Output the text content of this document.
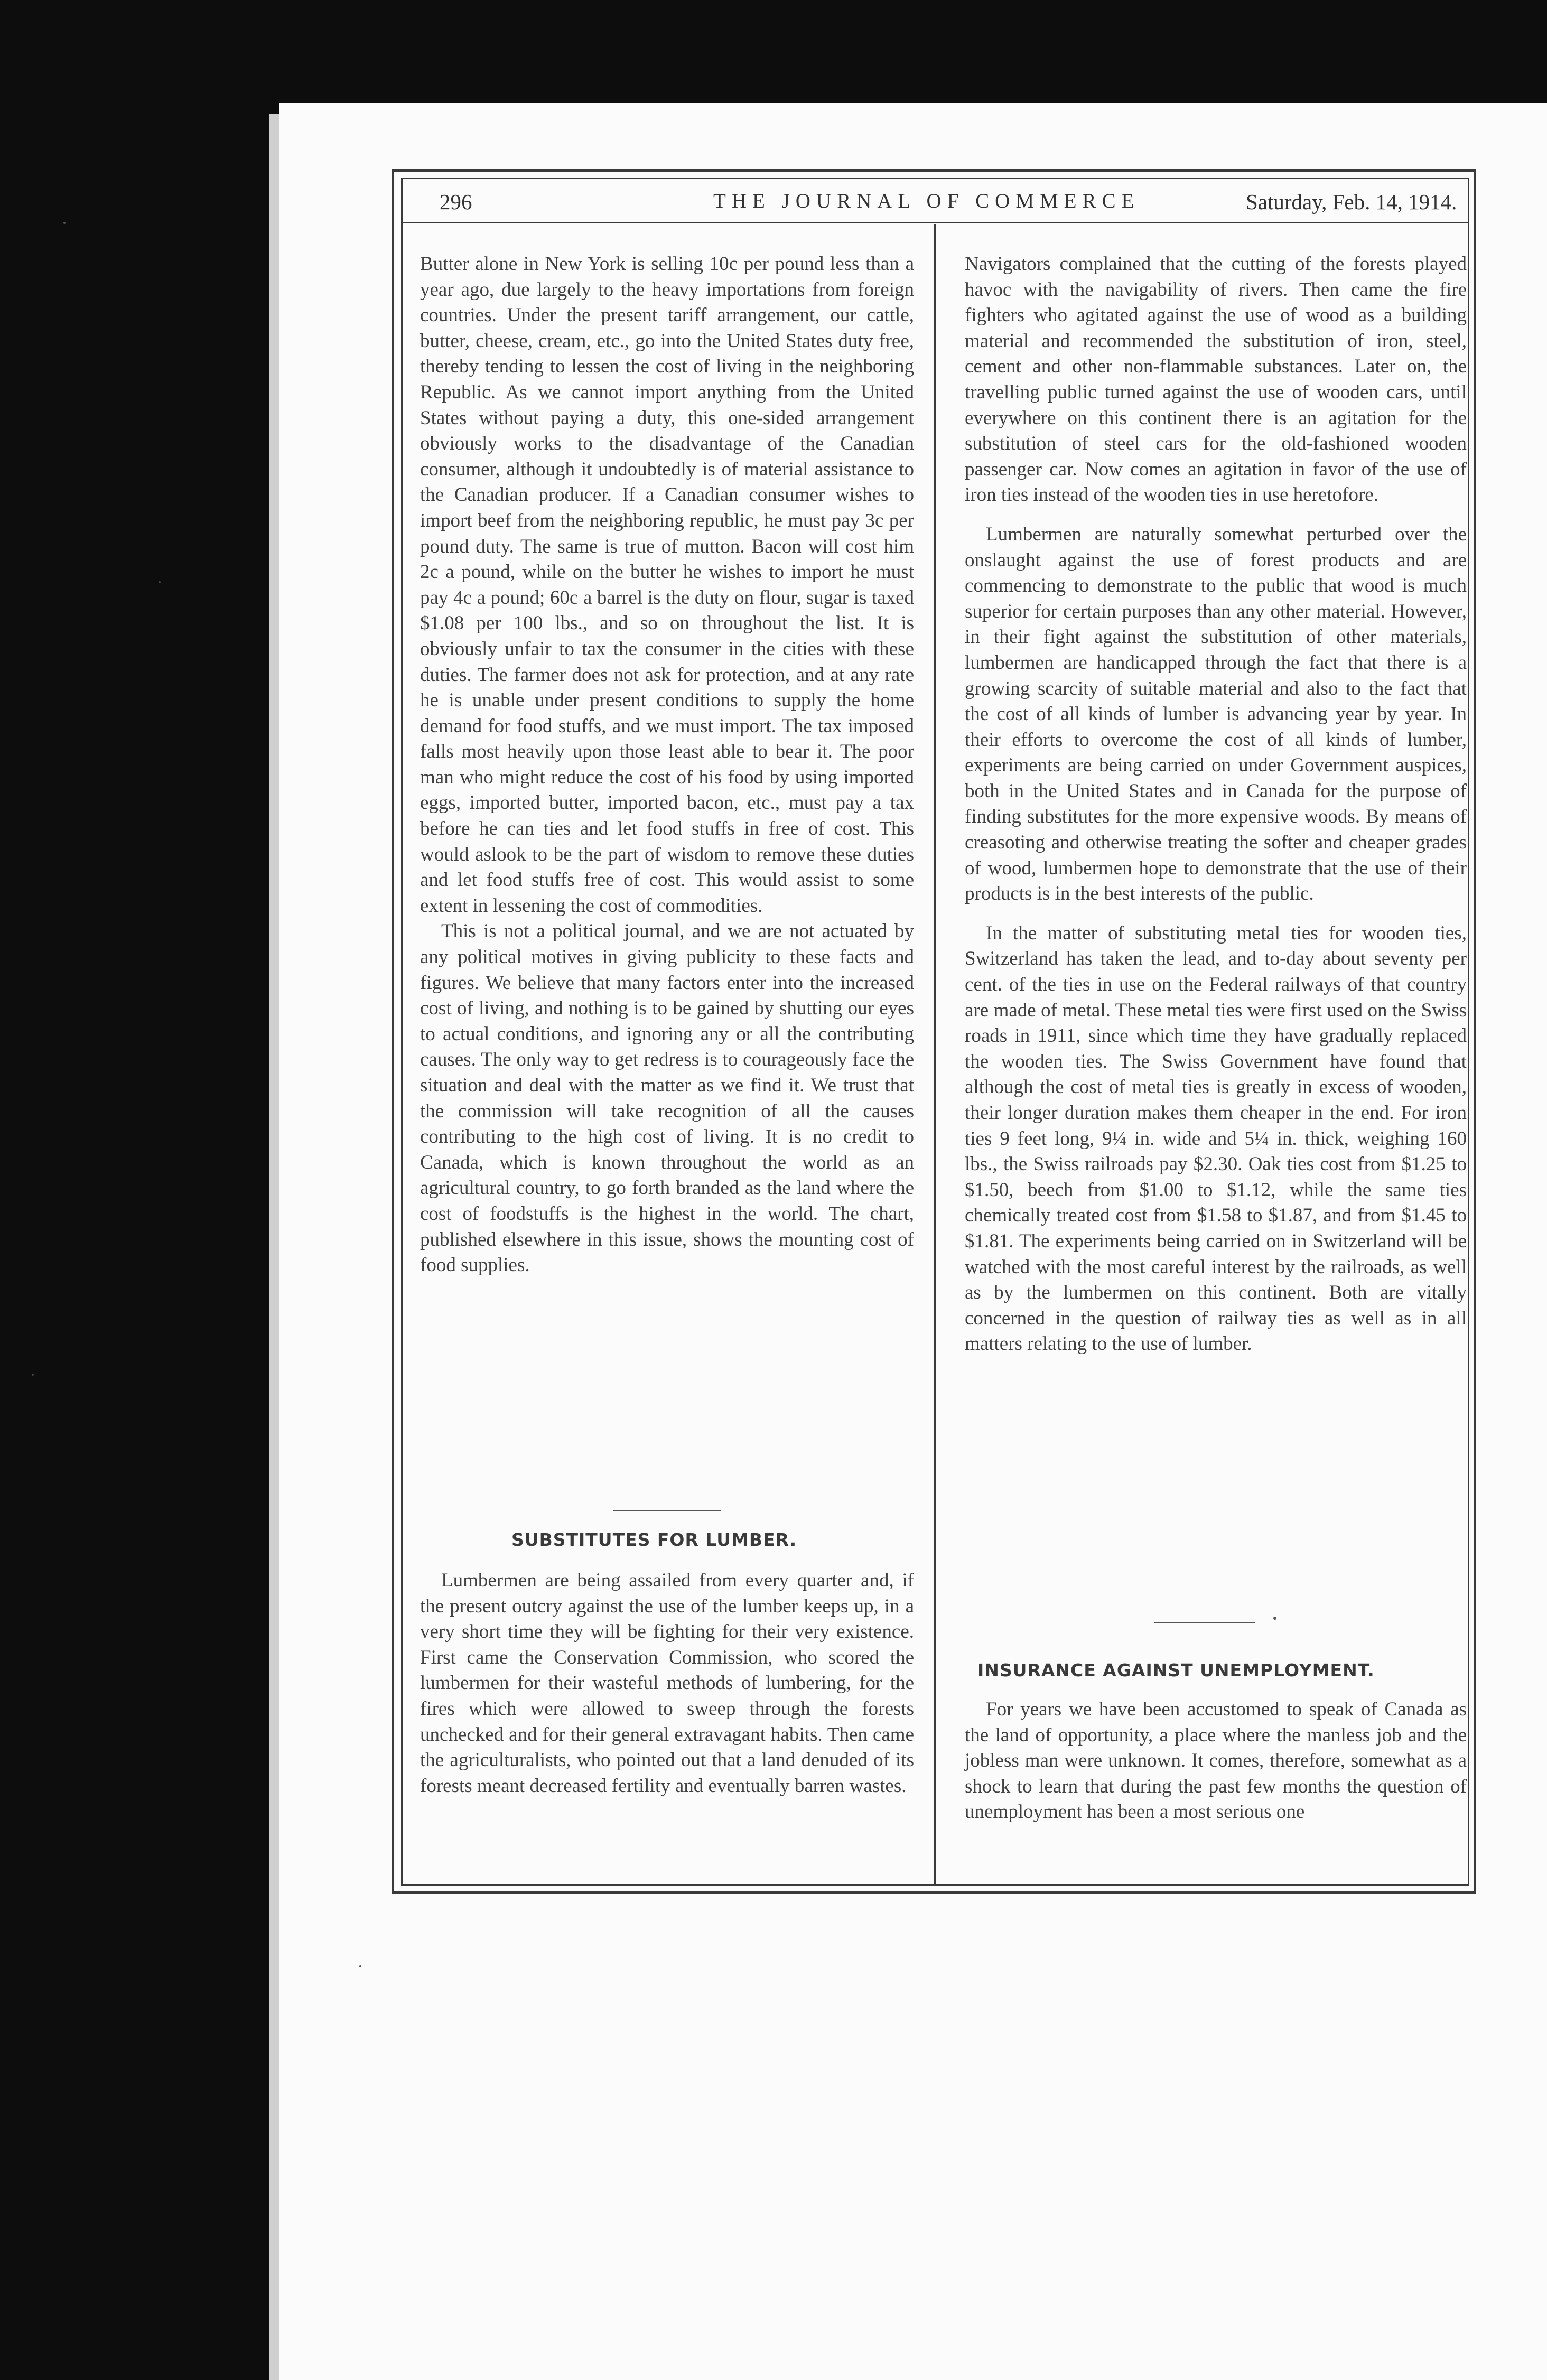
296	THE JOURNAL OF COMMERCE	Saturday, Feb. 14, 1914.

Butter alone in New York is selling 10c per pound less than a year ago, due largely to the heavy importations from foreign countries. Under the present tariff arrangement, our cattle, butter, cheese, cream, etc., go into the United States duty free, thereby tending to lessen the cost of living in the neighboring Republic. As we cannot import anything from the United States without paying a duty, this one-sided arrangement obviously works to the disadvantage of the Canadian consumer, although it undoubtedly is of material assistance to the Canadian producer. If a Canadian consumer wishes to import beef from the neighboring republic, he must pay 3c per pound duty. The same is true of mutton. Bacon will cost him 2c a pound, while on the butter he wishes to import he must pay 4c a pound; 60c a barrel is the duty on flour, sugar is taxed $1.08 per 100 lbs., and so on throughout the list. It is obviously unfair to tax the consumer in the cities with these duties. The farmer does not ask for protection, and at any rate he is unable under present conditions to supply the home demand for food stuffs, and we must import. The tax imposed falls most heavily upon those least able to bear it. The poor man who might reduce the cost of his food by using imported eggs, imported butter, imported bacon, etc., must pay a tax before he can ties and let food stuffs in free of cost. This would aslook to be the part of wisdom to remove these duties and let food stuffs free of cost. This would assist to some extent in lessening the cost of commodities.

This is not a political journal, and we are not actuated by any political motives in giving publicity to these facts and figures. We believe that many factors enter into the increased cost of living, and nothing is to be gained by shutting our eyes to actual conditions, and ignoring any or all the contributing causes. The only way to get redress is to courageously face the situation and deal with the matter as we find it. We trust that the commission will take recognition of all the causes contributing to the high cost of living. It is no credit to Canada, which is known throughout the world as an agricultural country, to go forth branded as the land where the cost of foodstuffs is the highest in the world. The chart, published elsewhere in this issue, shows the mounting cost of food supplies.

SUBSTITUTES FOR LUMBER.

Lumbermen are being assailed from every quarter and, if the present outcry against the use of the lumber keeps up, in a very short time they will be fighting for their very existence. First came the Conservation Commission, who scored the lumbermen for their wasteful methods of lumbering, for the fires which were allowed to sweep through the forests unchecked and for their general extravagant habits. Then came the agriculturalists, who pointed out that a land denuded of its forests meant decreased fertility and eventually barren wastes.

Navigators complained that the cutting of the forests played havoc with the navigability of rivers. Then came the fire fighters who agitated against the use of wood as a building material and recommended the substitution of iron, steel, cement and other non-flammable substances. Later on, the travelling public turned against the use of wooden cars, until everywhere on this continent there is an agitation for the substitution of steel cars for the old-fashioned wooden passenger car. Now comes an agitation in favor of the use of iron ties instead of the wooden ties in use heretofore.

Lumbermen are naturally somewhat perturbed over the onslaught against the use of forest products and are commencing to demonstrate to the public that wood is much superior for certain purposes than any other material. However, in their fight against the substitution of other materials, lumbermen are handicapped through the fact that there is a growing scarcity of suitable material and also to the fact that the cost of all kinds of lumber is advancing year by year. In their efforts to overcome the cost of all kinds of lumber, experiments are being carried on under Government auspices, both in the United States and in Canada for the purpose of finding substitutes for the more expensive woods. By means of creasoting and otherwise treating the softer and cheaper grades of wood, lumbermen hope to demonstrate that the use of their products is in the best interests of the public.

In the matter of substituting metal ties for wooden ties, Switzerland has taken the lead, and to-day about seventy per cent. of the ties in use on the Federal railways of that country are made of metal. These metal ties were first used on the Swiss roads in 1911, since which time they have gradually replaced the wooden ties. The Swiss Government have found that although the cost of metal ties is greatly in excess of wooden, their longer duration makes them cheaper in the end. For iron ties 9 feet long, 9¼ in. wide and 5¼ in. thick, weighing 160 lbs., the Swiss railroads pay $2.30. Oak ties cost from $1.25 to $1.50, beech from $1.00 to $1.12, while the same ties chemically treated cost from $1.58 to $1.87, and from $1.45 to $1.81. The experiments being carried on in Switzerland will be watched with the most careful interest by the railroads, as well as by the lumbermen on this continent. Both are vitally concerned in the question of railway ties as well as in all matters relating to the use of lumber.

INSURANCE AGAINST UNEMPLOYMENT.

For years we have been accustomed to speak of Canada as the land of opportunity, a place where the manless job and the jobless man were unknown. It comes, therefore, somewhat as a shock to learn that during the past few months the question of unemployment has been a most serious one
